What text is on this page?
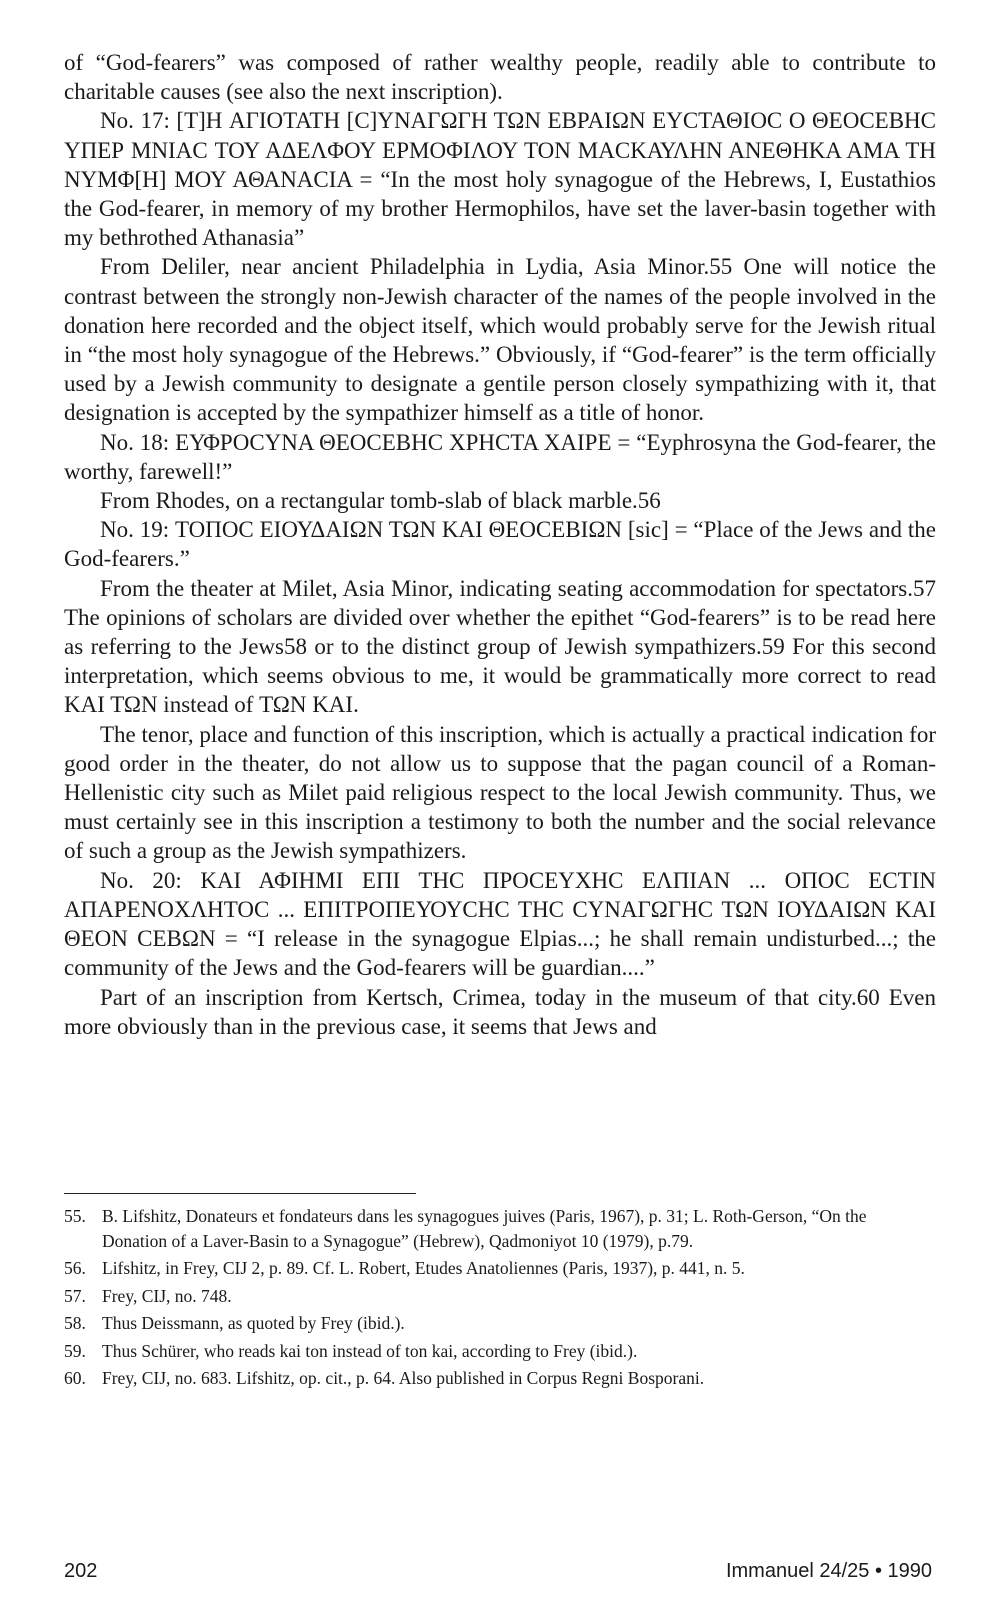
of “God-fearers” was composed of rather wealthy people, readily able to contribute to charitable causes (see also the next inscription).

No. 17: [T]H ΑΓΙΟΤΑΤΗ [C]ΥΝΑΓΩΓΗ ΤΩΝ ΕΒΡΑΙΩΝ ΕΥCΤΑΘΙΟC Ο ΘΕΟCΕΒΗC ΥΠΕΡ ΜΝΙΑC ΤΟΥ ΑΔΕΛΦΟΥ ΕΡΜΟΦΙΛΟΥ ΤΟΝ ΜΑCΚΑΥΛΗΝ ΑΝΕΘΗΚΑ ΑΜΑ ΤΗ ΝΥΜΦ[Η] ΜΟΥ ΑΘΑΝΑCΙΑ = “In the most holy synagogue of the Hebrews, I, Eustathios the God-fearer, in memory of my brother Hermophilos, have set the laver-basin together with my bethrothed Athanasia”

From Deliler, near ancient Philadelphia in Lydia, Asia Minor.55 One will notice the contrast between the strongly non-Jewish character of the names of the people involved in the donation here recorded and the object itself, which would probably serve for the Jewish ritual in “the most holy synagogue of the Hebrews.” Obviously, if “God-fearer” is the term officially used by a Jewish community to designate a gentile person closely sympathizing with it, that designation is accepted by the sympathizer himself as a title of honor.

No. 18: ΕΥΦΡΟCΥΝΑ ΘΕΟCΕΒΗC ΧΡΗCΤΑ ΧΑΙΡΕ = “Eyphrosyna the God-fearer, the worthy, farewell!”

From Rhodes, on a rectangular tomb-slab of black marble.56

No. 19: ΤΟΠΟC ΕΙΟΥΔΑΙΩΝ ΤΩΝ ΚΑΙ ΘΕΟCΕΒΙΩΝ [sic] = “Place of the Jews and the God-fearers.”

From the theater at Milet, Asia Minor, indicating seating accommodation for spectators.57 The opinions of scholars are divided over whether the epithet “God-fearers” is to be read here as referring to the Jews58 or to the distinct group of Jewish sympathizers.59 For this second interpretation, which seems obvious to me, it would be grammatically more correct to read ΚΑΙ ΤΩΝ instead of ΤΩΝ ΚΑΙ.

The tenor, place and function of this inscription, which is actually a practical indication for good order in the theater, do not allow us to suppose that the pagan council of a Roman-Hellenistic city such as Milet paid religious respect to the local Jewish community. Thus, we must certainly see in this inscription a testimony to both the number and the social relevance of such a group as the Jewish sympathizers.

No. 20: ΚΑΙ ΑΦΙΗΜΙ ΕΠΙ ΤΗC ΠΡΟCΕΥΧΗC ΕΛΠΙΑΝ ... ΟΠΟC ΕCΤΙΝ ΑΠΑΡΕΝΟΧΛΗΤΟC ... ΕΠΙΤΡΟΠΕΥΟΥCΗC ΤΗC CΥΝΑΓΩΓΗC ΤΩΝ ΙΟΥΔΑΙΩΝ ΚΑΙ ΘΕΟΝ CΕΒΩΝ = “I release in the synagogue Elpias...; he shall remain undisturbed...; the community of the Jews and the God-fearers will be guardian....”

Part of an inscription from Kertsch, Crimea, today in the museum of that city.60 Even more obviously than in the previous case, it seems that Jews and

55. B. Lifshitz, Donateurs et fondateurs dans les synagogues juives (Paris, 1967), p. 31; L. Roth-Gerson, “On the Donation of a Laver-Basin to a Synagogue” (Hebrew), Qadmoniyot 10 (1979), p.79.
56. Lifshitz, in Frey, CIJ 2, p. 89. Cf. L. Robert, Etudes Anatoliennes (Paris, 1937), p. 441, n. 5.
57. Frey, CIJ, no. 748.
58. Thus Deissmann, as quoted by Frey (ibid.).
59. Thus Schürer, who reads kai ton instead of ton kai, according to Frey (ibid.).
60. Frey, CIJ, no. 683. Lifshitz, op. cit., p. 64. Also published in Corpus Regni Bosporani.
202	Immanuel 24/25 • 1990
